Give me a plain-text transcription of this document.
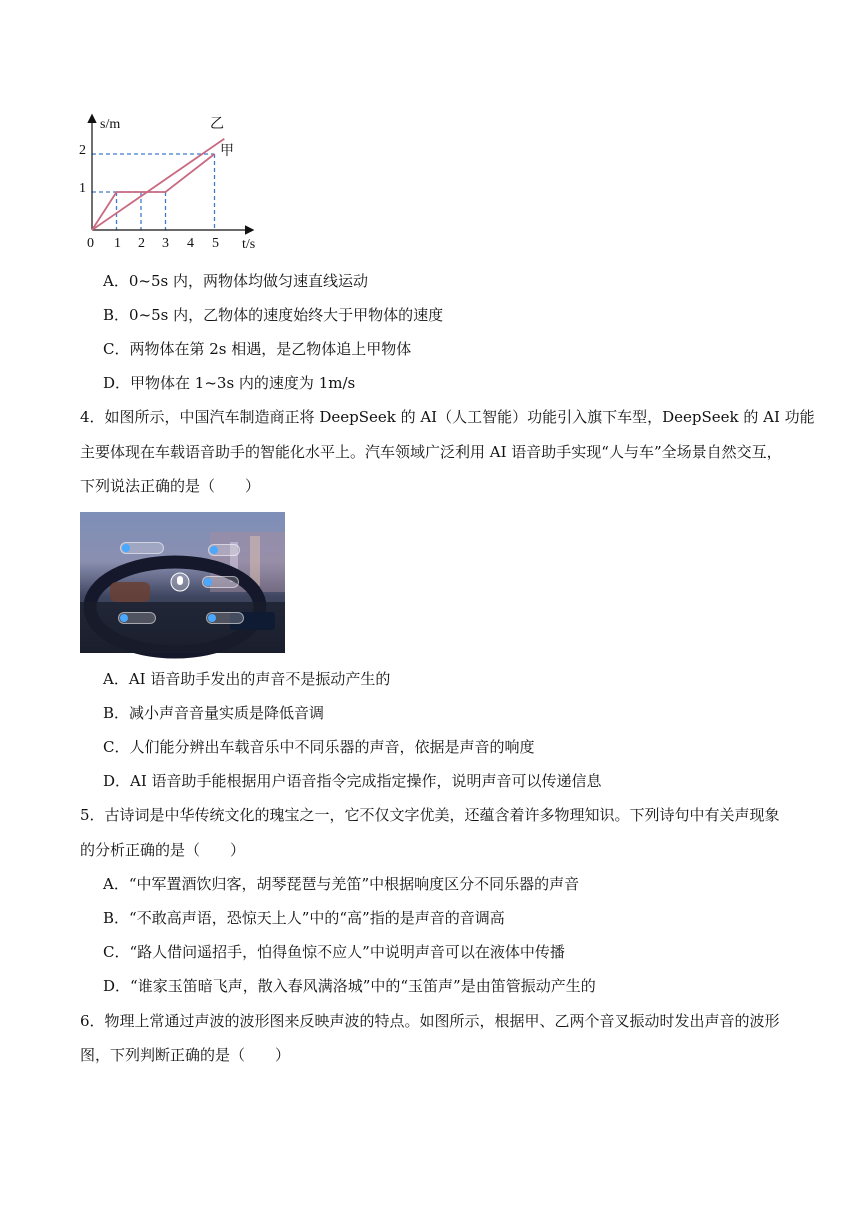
s/m
t/s
0
1
2
1 2 3 4 5
乙
甲
A．0~5s 内，两物体均做匀速直线运动
B．0~5s 内，乙物体的速度始终大于甲物体的速度
C．两物体在第 2s 相遇，是乙物体追上甲物体
D．甲物体在 1~3s 内的速度为 1m/s
4．如图所示，中国汽车制造商正将 DeepSeek 的 AI（人工智能）功能引入旗下车型，DeepSeek 的 AI 功能
主要体现在车载语音助手的智能化水平上。汽车领域广泛利用 AI 语音助手实现“人与车”全场景自然交互，
下列说法正确的是（　　）
A．AI 语音助手发出的声音不是振动产生的
B．减小声音音量实质是降低音调
C．人们能分辨出车载音乐中不同乐器的声音，依据是声音的响度
D．AI 语音助手能根据用户语音指令完成指定操作，说明声音可以传递信息
5．古诗词是中华传统文化的瑰宝之一，它不仅文字优美，还蕴含着许多物理知识。下列诗句中有关声现象
的分析正确的是（　　）
A．“中军置酒饮归客，胡琴琵琶与羌笛”中根据响度区分不同乐器的声音
B．“不敢高声语，恐惊天上人”中的“高”指的是声音的音调高
C．“路人借问遥招手，怕得鱼惊不应人”中说明声音可以在液体中传播
D．“谁家玉笛暗飞声，散入春风满洛城”中的“玉笛声”是由笛管振动产生的
6．物理上常通过声波的波形图来反映声波的特点。如图所示，根据甲、乙两个音叉振动时发出声音的波形
图，下列判断正确的是（　　）
